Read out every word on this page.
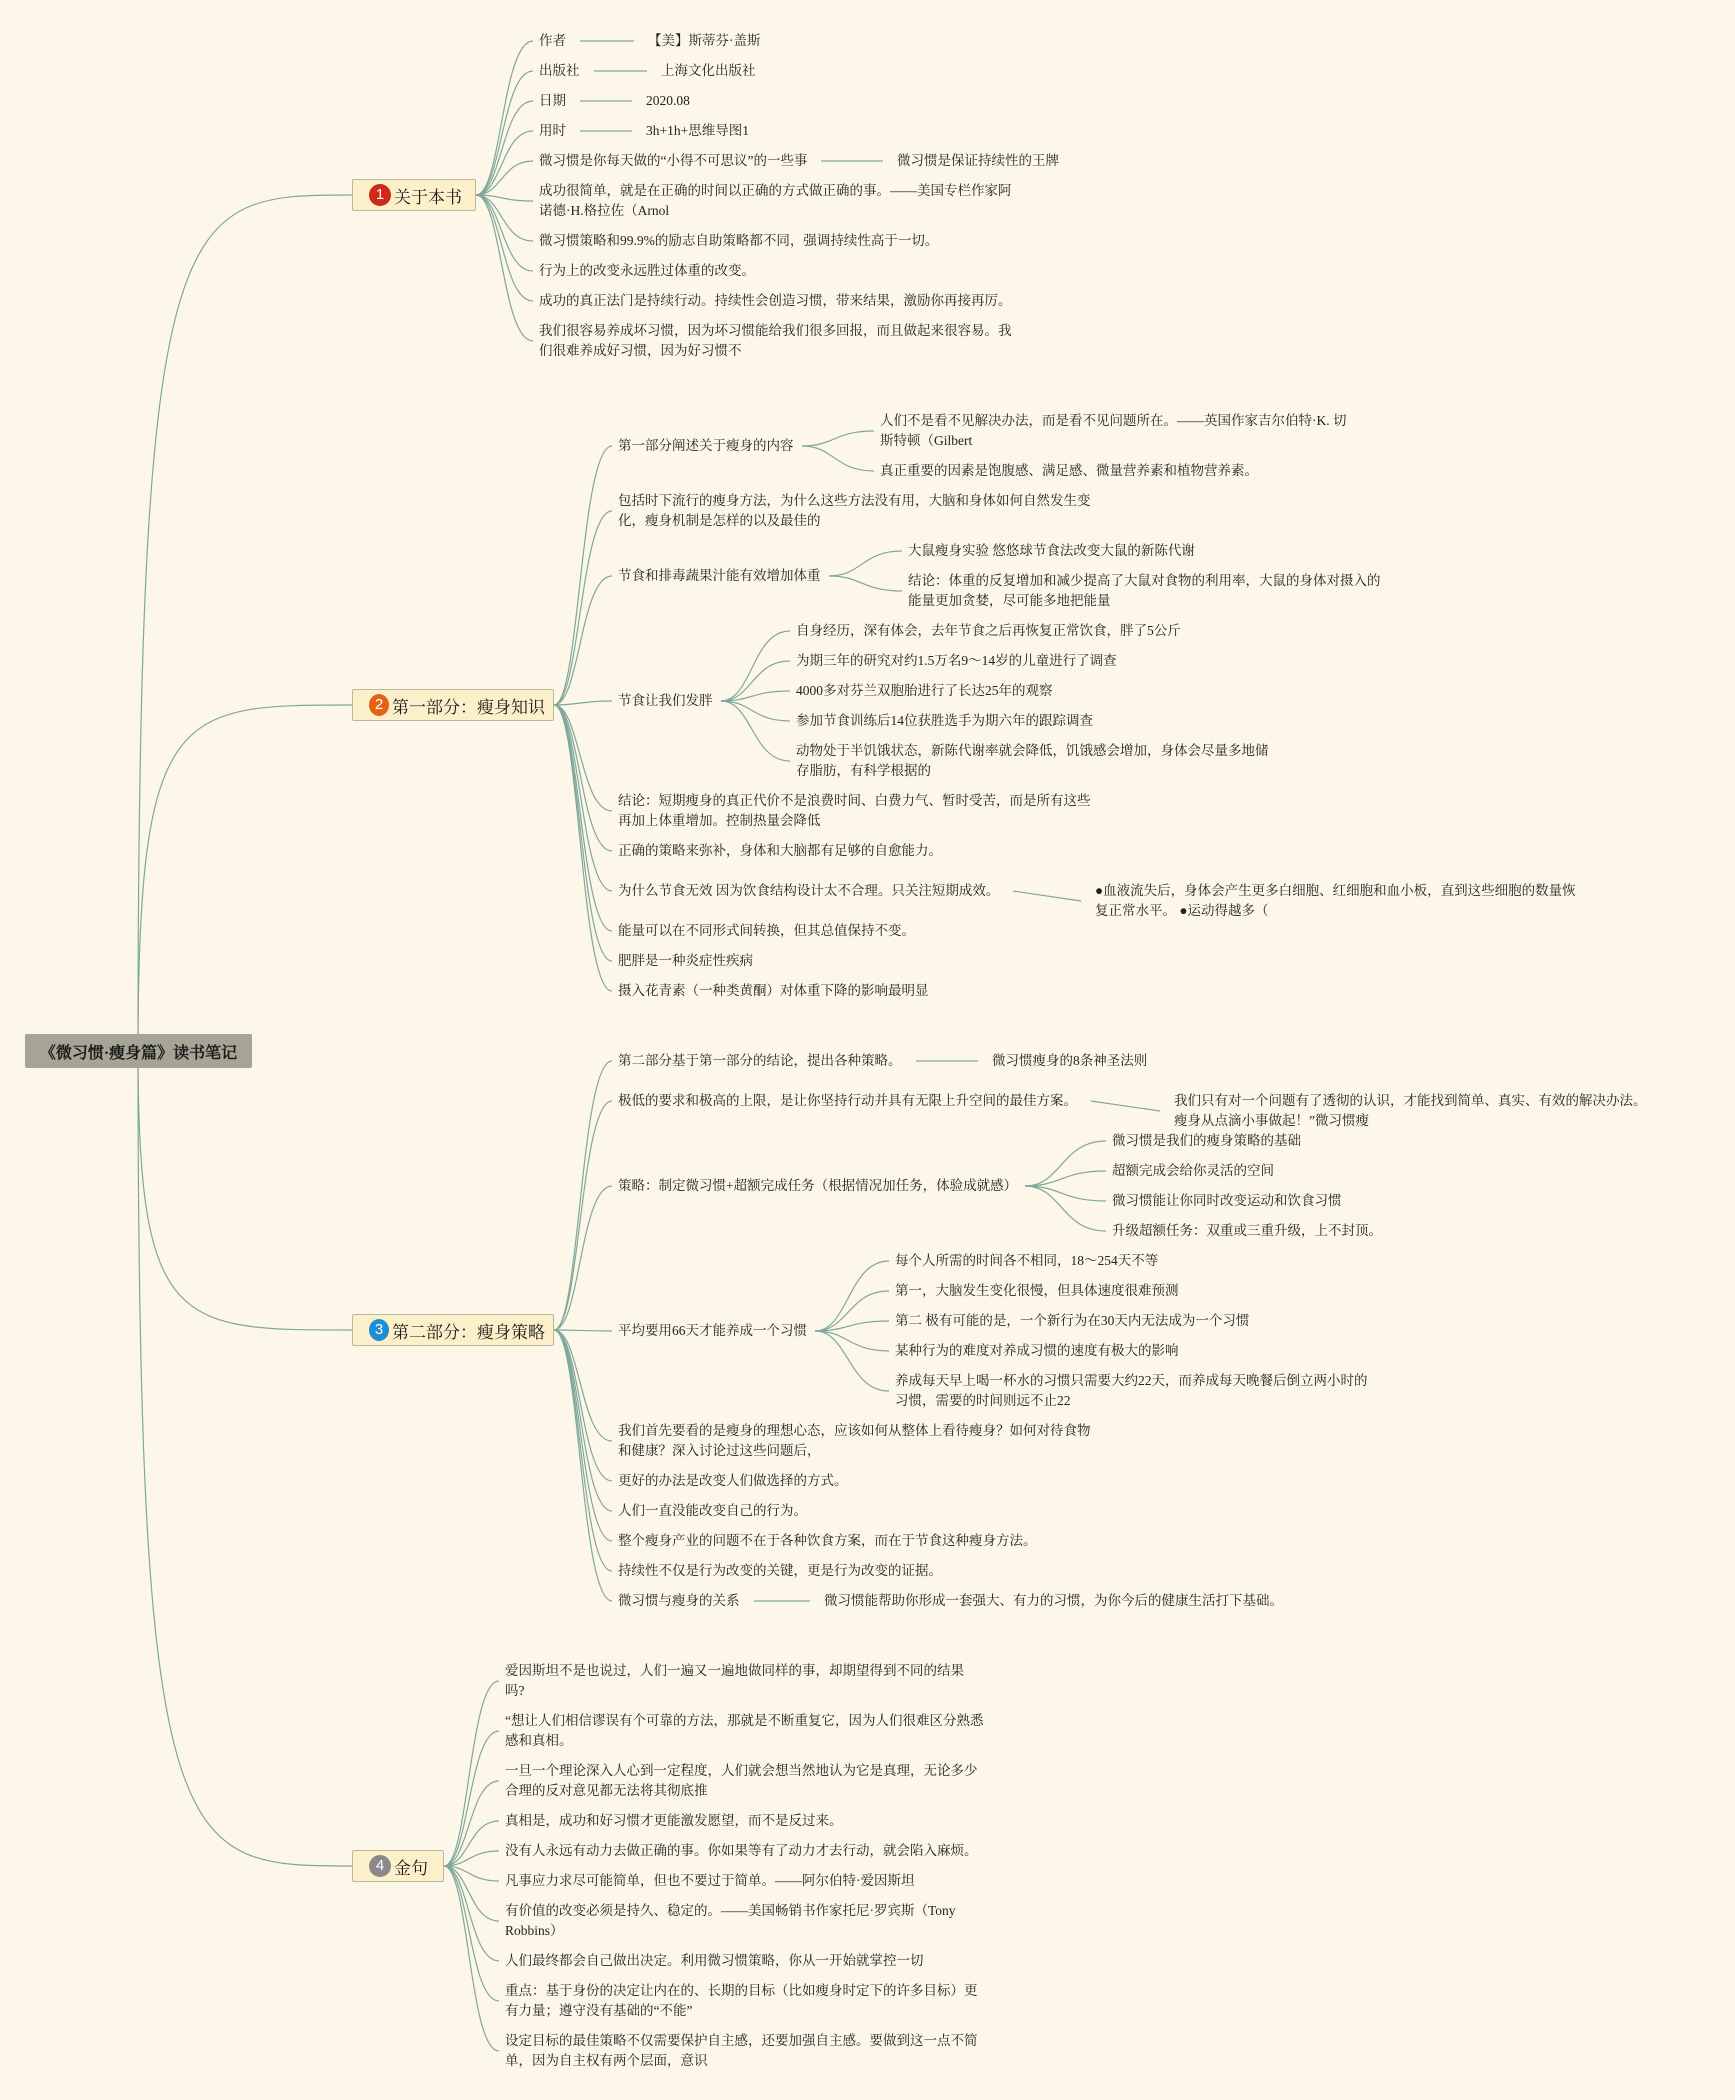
《微习惯·瘦身篇》读书笔记
1 关于本书
2 第一部分：瘦身知识
3 第二部分：瘦身策略
4 金句
作者	【美】斯蒂芬·盖斯
出版社	上海文化出版社
日期	2020.08
用时	3h+1h+思维导图1
微习惯是你每天做的“小得不可思议”的一些事	微习惯是保证持续性的王牌
成功很简单，就是在正确的时间以正确的方式做正确的事。——美国专栏作家阿
诺德·H.格拉佐（Arnol
微习惯策略和99.9%的励志自助策略都不同，强调持续性高于一切。
行为上的改变永远胜过体重的改变。
成功的真正法门是持续行动。持续性会创造习惯，带来结果，激励你再接再厉。
我们很容易养成坏习惯，因为坏习惯能给我们很多回报，而且做起来很容易。我
们很难养成好习惯，因为好习惯不
第一部分阐述关于瘦身的内容
人们不是看不见解决办法，而是看不见问题所在。——英国作家吉尔伯特·K. 切
斯特顿（Gilbert
真正重要的因素是饱腹感、满足感、微量营养素和植物营养素。
包括时下流行的瘦身方法，为什么这些方法没有用，大脑和身体如何自然发生变
化，瘦身机制是怎样的以及最佳的
节食和排毒蔬果汁能有效增加体重
大鼠瘦身实验 悠悠球节食法改变大鼠的新陈代谢
结论：体重的反复增加和减少提高了大鼠对食物的利用率，大鼠的身体对摄入的
能量更加贪婪，尽可能多地把能量
节食让我们发胖
自身经历，深有体会，去年节食之后再恢复正常饮食，胖了5公斤
为期三年的研究对约1.5万名9～14岁的儿童进行了调查
4000多对芬兰双胞胎进行了长达25年的观察
参加节食训练后14位获胜选手为期六年的跟踪调查
动物处于半饥饿状态，新陈代谢率就会降低，饥饿感会增加，身体会尽量多地储
存脂肪，有科学根据的
结论：短期瘦身的真正代价不是浪费时间、白费力气、暂时受苦，而是所有这些
再加上体重增加。控制热量会降低
正确的策略来弥补，身体和大脑都有足够的自愈能力。
为什么节食无效 因为饮食结构设计太不合理。只关注短期成效。	●血液流失后，身体会产生更多白细胞、红细胞和血小板，直到这些细胞的数量恢
复正常水平。 ●运动得越多（
能量可以在不同形式间转换，但其总值保持不变。
肥胖是一种炎症性疾病
摄入花青素（一种类黄酮）对体重下降的影响最明显
第二部分基于第一部分的结论，提出各种策略。	微习惯瘦身的8条神圣法则
极低的要求和极高的上限，是让你坚持行动并具有无限上升空间的最佳方案。	我们只有对一个问题有了透彻的认识，才能找到简单、真实、有效的解决办法。
瘦身从点滴小事做起！”微习惯瘦
策略：制定微习惯+超额完成任务（根据情况加任务，体验成就感）
微习惯是我们的瘦身策略的基础
超额完成会给你灵活的空间
微习惯能让你同时改变运动和饮食习惯
升级超额任务：双重或三重升级，上不封顶。
平均要用66天才能养成一个习惯
每个人所需的时间各不相同，18～254天不等
第一，大脑发生变化很慢，但具体速度很难预测
第二 极有可能的是，一个新行为在30天内无法成为一个习惯
某种行为的难度对养成习惯的速度有极大的影响
养成每天早上喝一杯水的习惯只需要大约22天，而养成每天晚餐后倒立两小时的
习惯，需要的时间则远不止22
我们首先要看的是瘦身的理想心态，应该如何从整体上看待瘦身？如何对待食物
和健康？深入讨论过这些问题后，
更好的办法是改变人们做选择的方式。
人们一直没能改变自己的行为。
整个瘦身产业的问题不在于各种饮食方案，而在于节食这种瘦身方法。
持续性不仅是行为改变的关键，更是行为改变的证据。
微习惯与瘦身的关系	微习惯能帮助你形成一套强大、有力的习惯，为你今后的健康生活打下基础。
爱因斯坦不是也说过，人们一遍又一遍地做同样的事，却期望得到不同的结果
吗?
“想让人们相信谬误有个可靠的方法，那就是不断重复它，因为人们很难区分熟悉
感和真相。
一旦一个理论深入人心到一定程度，人们就会想当然地认为它是真理，无论多少
合理的反对意见都无法将其彻底推
真相是，成功和好习惯才更能激发愿望，而不是反过来。
没有人永远有动力去做正确的事。你如果等有了动力才去行动，就会陷入麻烦。
凡事应力求尽可能简单，但也不要过于简单。——阿尔伯特·爱因斯坦
有价值的改变必须是持久、稳定的。——美国畅销书作家托尼·罗宾斯（Tony
Robbins）
人们最终都会自己做出决定。利用微习惯策略，你从一开始就掌控一切
重点：基于身份的决定让内在的、长期的目标（比如瘦身时定下的许多目标）更
有力量；遵守没有基础的“不能”
设定目标的最佳策略不仅需要保护自主感，还要加强自主感。要做到这一点不简
单，因为自主权有两个层面，意识
